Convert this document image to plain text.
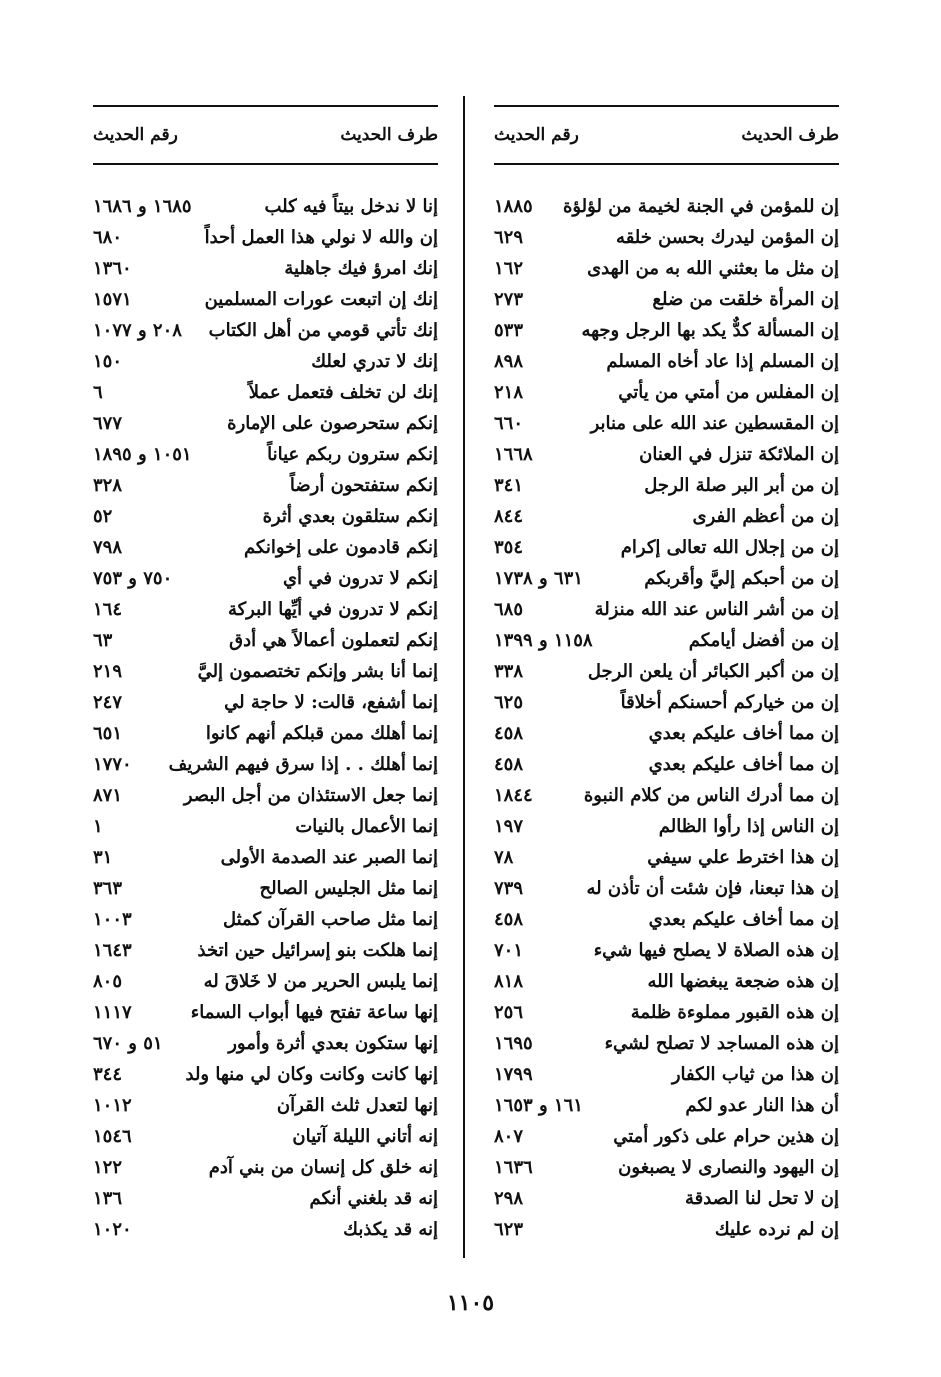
رقم الحديث	طرف الحديث
١٨٨٥	إن للمؤمن في الجنة لخيمة من لؤلؤة
٦٢٩	إن المؤمن ليدرك بحسن خلقه
١٦٢	إن مثل ما بعثني الله به من الهدى
٢٧٣	إن المرأة خلقت من ضلع
٥٣٣	إن المسألة كدٌّ يكد بها الرجل وجهه
٨٩٨	إن المسلم إذا عاد أخاه المسلم
٢١٨	إن المفلس من أمتي من يأتي
٦٦٠	إن المقسطين عند الله على منابر
١٦٦٨	إن الملائكة تنزل في العنان
٣٤١	إن من أبر البر صلة الرجل
٨٤٤	إن من أعظم الفرى
٣٥٤	إن من إجلال الله تعالى إكرام
٦٣١ و ١٧٣٨	إن من أحبكم إليَّ وأقربكم
٦٨٥	إن من أشر الناس عند الله منزلة
١١٥٨ و ١٣٩٩	إن من أفضل أيامكم
٣٣٨	إن من أكبر الكبائر أن يلعن الرجل
٦٢٥	إن من خياركم أحسنكم أخلاقاً
٤٥٨	إن مما أخاف عليكم بعدي
٤٥٨	إن مما أخاف عليكم بعدي
١٨٤٤	إن مما أدرك الناس من كلام النبوة
١٩٧	إن الناس إذا رأوا الظالم
٧٨	إن هذا اخترط علي سيفي
٧٣٩	إن هذا تبعنا، فإن شئت أن تأذن له
٤٥٨	إن مما أخاف عليكم بعدي
٧٠١	إن هذه الصلاة لا يصلح فيها شيء
٨١٨	إن هذه ضجعة يبغضها الله
٢٥٦	إن هذه القبور مملوءة ظلمة
١٦٩٥	إن هذه المساجد لا تصلح لشيء
١٧٩٩	إن هذا من ثياب الكفار
١٦١ و ١٦٥٣	أن هذا النار عدو لكم
٨٠٧	إن هذين حرام على ذكور أمتي
١٦٣٦	إن اليهود والنصارى لا يصبغون
٢٩٨	إن لا تحل لنا الصدقة
٦٢٣	إن لم نرده عليك
رقم الحديث	طرف الحديث
١٦٨٥ و ١٦٨٦	إنا لا ندخل بيتاً فيه كلب
٦٨٠	إن والله لا نولي هذا العمل أحداً
١٣٦٠	إنك امرؤ فيك جاهلية
١٥٧١	إنك إن اتبعت عورات المسلمين
٢٠٨ و ١٠٧٧ إنك تأتي قومي من أهل الكتاب
١٥٠	إنك لا تدري لعلك
٦	إنك لن تخلف فتعمل عملاً
٦٧٧	إنكم ستحرصون على الإمارة
١٠٥١ و ١٨٩٥	إنكم سترون ربكم عياناً
٣٢٨	إنكم ستفتحون أرضاً
٥٢	إنكم ستلقون بعدي أثرة
٧٩٨	إنكم قادمون على إخوانكم
٧٥٠ و ٧٥٣	إنكم لا تدرون في أي
١٦٤	إنكم لا تدرون في أيِّها البركة
٦٣	إنكم لتعملون أعمالاً هي أدق
٢١٩	إنما أنا بشر وإنكم تختصمون إليَّ
٢٤٧	إنما أشفع، قالت: لا حاجة لي
٦٥١	إنما أهلك ممن قبلكم أنهم كانوا
١٧٧٠	إنما أهلك . . إذا سرق فيهم الشريف
٨٧١	إنما جعل الاستئذان من أجل البصر
١	إنما الأعمال بالنيات
٣١	إنما الصبر عند الصدمة الأولى
٣٦٣	إنما مثل الجليس الصالح
١٠٠٣	إنما مثل صاحب القرآن كمثل
١٦٤٣	إنما هلكت بنو إسرائيل حين اتخذ
٨٠٥	إنما يلبس الحرير من لا خَلاقَ له
١١١٧	إنها ساعة تفتح فيها أبواب السماء
٥١ و ٦٧٠	إنها ستكون بعدي أثرة وأمور
٣٤٤	إنها كانت وكانت وكان لي منها ولد
١٠١٢	إنها لتعدل ثلث القرآن
١٥٤٦	إنه أتاني الليلة آتيان
١٢٢	إنه خلق كل إنسان من بني آدم
١٣٦	إنه قد بلغني أنكم
١٠٢٠	إنه قد يكذبك
١١٠٥
